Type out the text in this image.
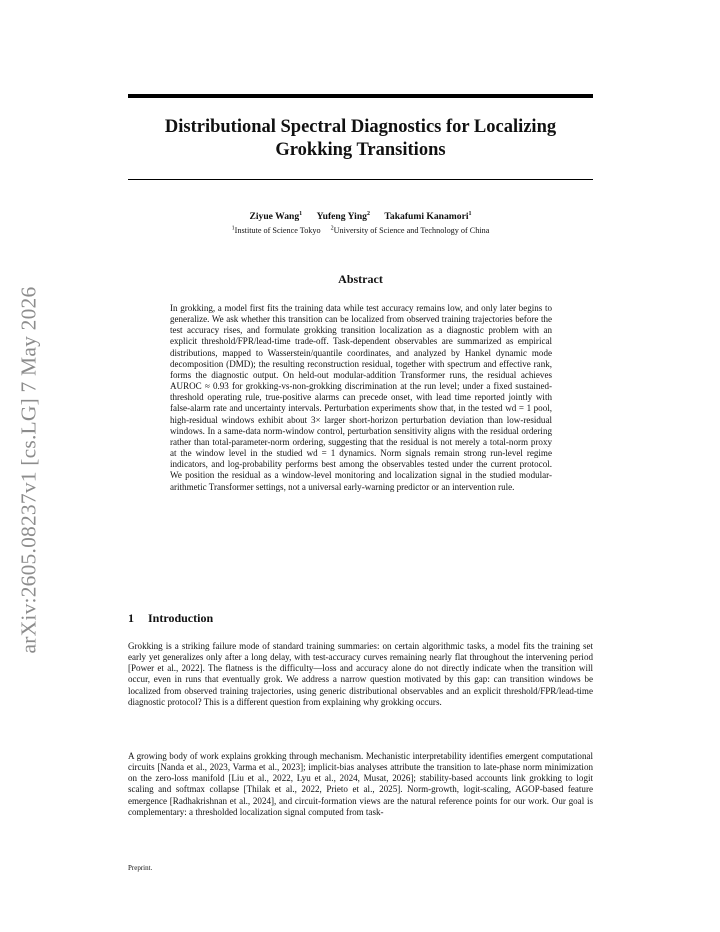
arXiv:2605.08237v1 [cs.LG] 7 May 2026
Distributional Spectral Diagnostics for Localizing Grokking Transitions
Ziyue Wang$^1$ Yufeng Ying$^2$ Takafumi Kanamori$^1$
$^1$Institute of Science Tokyo $^2$University of Science and Technology of China
Abstract
In grokking, a model first fits the training data while test accuracy remains low, and only later begins to generalize. We ask whether this transition can be localized from observed training trajectories before the test accuracy rises, and formulate grokking transition localization as a diagnostic problem with an explicit threshold/FPR/lead-time trade-off. Task-dependent observables are summarized as empirical distributions, mapped to Wasserstein/quantile coordinates, and analyzed by Hankel dynamic mode decomposition (DMD); the resulting reconstruction residual, together with spectrum and effective rank, forms the diagnostic output. On held-out modular-addition Transformer runs, the residual achieves AUROC ≈ 0.93 for grokking-vs-non-grokking discrimination at the run level; under a fixed sustained-threshold operating rule, true-positive alarms can precede onset, with lead time reported jointly with false-alarm rate and uncertainty intervals. Perturbation experiments show that, in the tested wd = 1 pool, high-residual windows exhibit about 3× larger short-horizon perturbation deviation than low-residual windows. In a same-data norm-window control, perturbation sensitivity aligns with the residual ordering rather than total-parameter-norm ordering, suggesting that the residual is not merely a total-norm proxy at the window level in the studied wd = 1 dynamics. Norm signals remain strong run-level regime indicators, and log-probability performs best among the observables tested under the current protocol. We position the residual as a window-level monitoring and localization signal in the studied modular-arithmetic Transformer settings, not a universal early-warning predictor or an intervention rule.
1 Introduction
Grokking is a striking failure mode of standard training summaries: on certain algorithmic tasks, a model fits the training set early yet generalizes only after a long delay, with test-accuracy curves remaining nearly flat throughout the intervening period [Power et al., 2022]. The flatness is the difficulty—loss and accuracy alone do not directly indicate when the transition will occur, even in runs that eventually grok. We address a narrow question motivated by this gap: can transition windows be localized from observed training trajectories, using generic distributional observables and an explicit threshold/FPR/lead-time diagnostic protocol? This is a different question from explaining why grokking occurs.
A growing body of work explains grokking through mechanism. Mechanistic interpretability identifies emergent computational circuits [Nanda et al., 2023, Varma et al., 2023]; implicit-bias analyses attribute the transition to late-phase norm minimization on the zero-loss manifold [Liu et al., 2022, Lyu et al., 2024, Musat, 2026]; stability-based accounts link grokking to logit scaling and softmax collapse [Thilak et al., 2022, Prieto et al., 2025]. Norm-growth, logit-scaling, AGOP-based feature emergence [Radhakrishnan et al., 2024], and circuit-formation views are the natural reference points for our work. Our goal is complementary: a thresholded localization signal computed from task-
Preprint.
